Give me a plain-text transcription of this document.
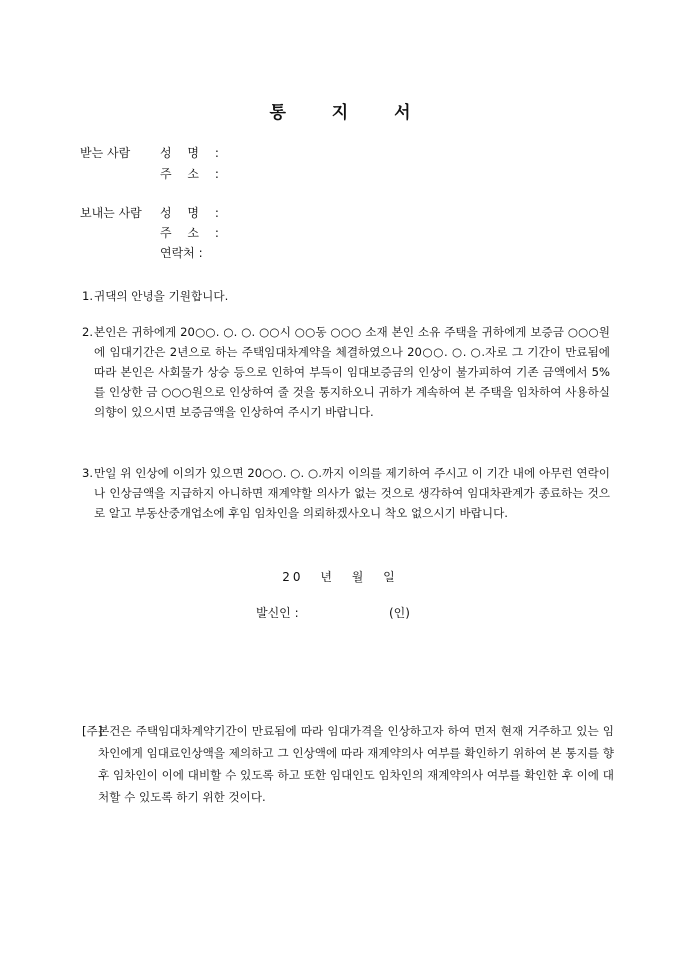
통 지 서
받는 사람 성 명 :
주 소 :
보내는 사람 성 명 :
주 소 :
연락처 :
1. 귀댁의 안녕을 기원합니다.
2. 본인은 귀하에게 20○○. ○. ○. ○○시 ○○동 ○○○ 소재 본인 소유 주택을 귀하에게 보증금 ○○○원에 임대기간은 2년으로 하는 주택임대차계약을 체결하였으나 20○○. ○. ○.자로 그 기간이 만료됨에 따라 본인은 사회물가 상승 등으로 인하여 부득이 임대보증금의 인상이 불가피하여 기존 금액에서 5%를 인상한 금 ○○○원으로 인상하여 줄 것을 통지하오니 귀하가 계속하여 본 주택을 임차하여 사용하실 의향이 있으시면 보증금액을 인상하여 주시기 바랍니다.
3. 만일 위 인상에 이의가 있으면 20○○. ○. ○.까지 이의를 제기하여 주시고 이 기간 내에 아무런 연락이나 인상금액을 지급하지 아니하면 재계약할 의사가 없는 것으로 생각하여 임대차관계가 종료하는 것으로 알고 부동산중개업소에 후임 임차인을 의뢰하겠사오니 착오 없으시기 바랍니다.
20 년 월 일
발신인 :	(인)
[주]
본건은 주택임대차계약기간이 만료됨에 따라 임대가격을 인상하고자 하여 먼저 현재 거주하고 있는 임차인에게 임대료인상액을 제의하고 그 인상액에 따라 재계약의사 여부를 확인하기 위하여 본 통지를 향후 임차인이 이에 대비할 수 있도록 하고 또한 임대인도 임차인의 재계약의사 여부를 확인한 후 이에 대처할 수 있도록 하기 위한 것이다.
